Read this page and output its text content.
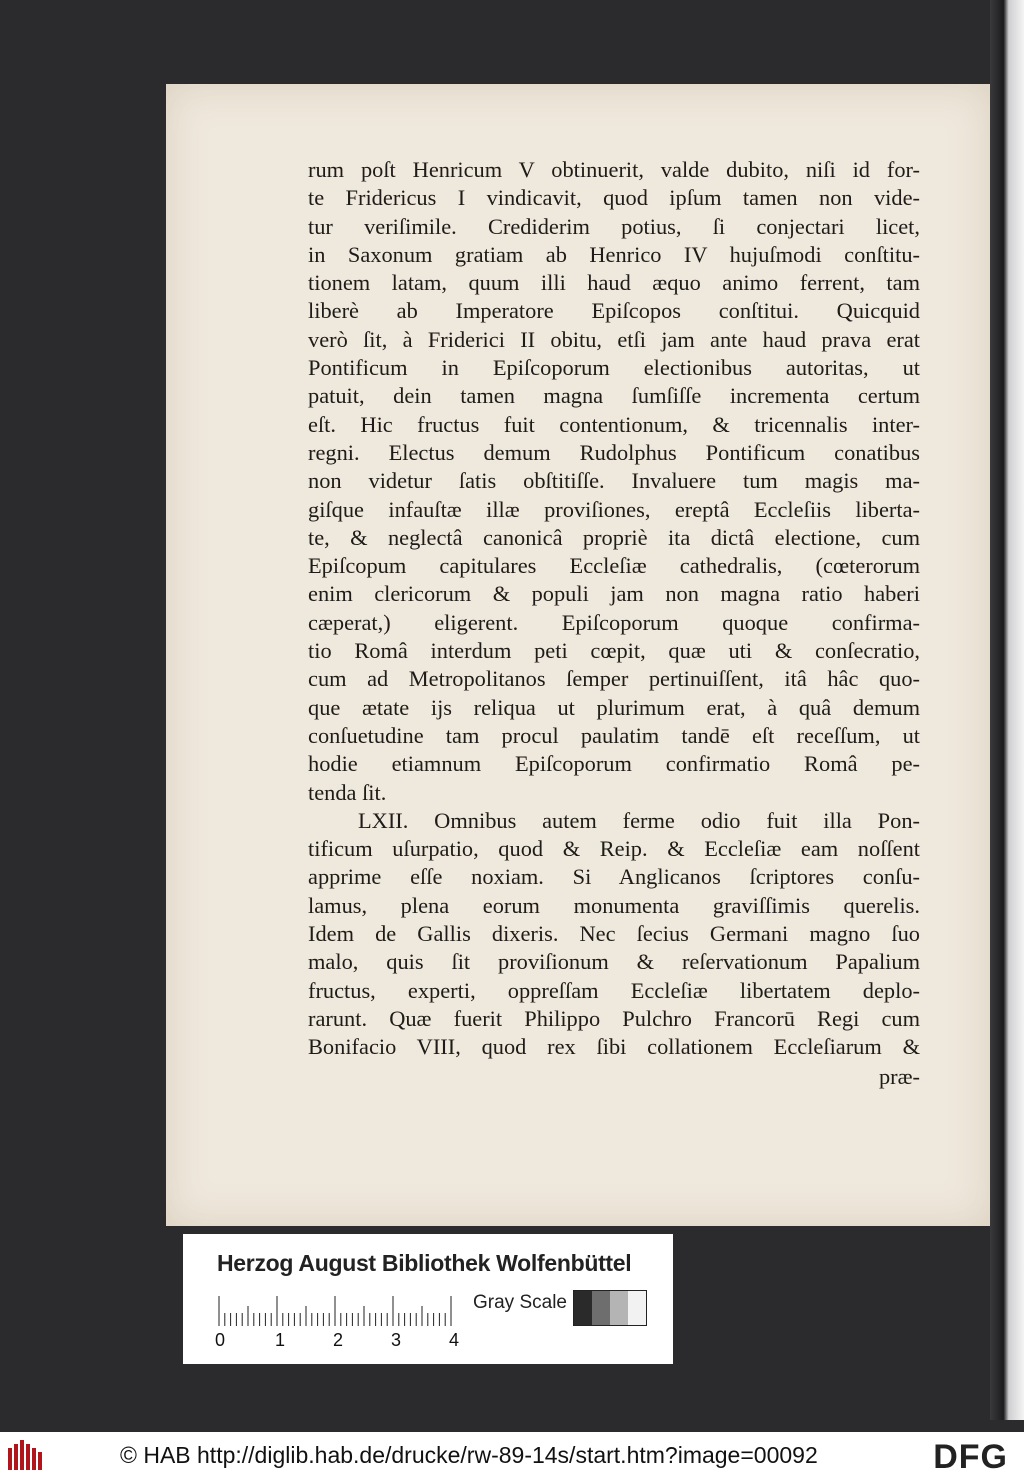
rum poſt Henricum V obtinuerit, valde dubito, niſi id for-
te Fridericus I vindicavit, quod ipſum tamen non vide-
tur veriſimile. Crediderim potius, ſi conjectari licet,
in Saxonum gratiam ab Henrico IV hujuſmodi conſtitu-
tionem latam, quum illi haud æquo animo ferrent, tam
liberè ab Imperatore Epiſcopos conſtitui. Quicquid
verò ſit, à Friderici II obitu, etſi jam ante haud prava erat
Pontificum in Epiſcoporum electionibus autoritas, ut
patuit, dein tamen magna ſumſiſſe incrementa certum
eſt. Hic fructus fuit contentionum, & tricennalis inter-
regni. Electus demum Rudolphus Pontificum conatibus
non videtur ſatis obſtitiſſe. Invaluere tum magis ma-
giſque infauſtæ illæ proviſiones, ereptâ Eccleſiis liberta-
te, & neglectâ canonicâ propriè ita dictâ electione, cum
Epiſcopum capitulares Eccleſiæ cathedralis, (cœterorum
enim clericorum & populi jam non magna ratio haberi
cæperat,) eligerent. Epiſcoporum quoque confirma-
tio Româ interdum peti cœpit, quæ uti & conſecratio,
cum ad Metropolitanos ſemper pertinuiſſent, itâ hâc quo-
que ætate ijs reliqua ut plurimum erat, à quâ demum
conſuetudine tam procul paulatim tandē eſt receſſum, ut
hodie etiamnum Epiſcoporum confirmatio Româ pe-
tenda ſit.
LXII. Omnibus autem ferme odio fuit illa Pon-
tificum uſurpatio, quod & Reip. & Eccleſiæ eam noſſent
apprime eſſe noxiam. Si Anglicanos ſcriptores conſu-
lamus, plena eorum monumenta graviſſimis querelis.
Idem de Gallis dixeris. Nec ſecius Germani magno ſuo
malo, quis ſit proviſionum & reſervationum Papalium
fructus, experti, oppreſſam Eccleſiæ libertatem deplo-
rarunt. Quæ fuerit Philippo Pulchro Francorū Regi cum
Bonifacio VIII, quod rex ſibi collationem Eccleſiarum &
præ-
Herzog August Bibliothek Wolfenbüttel
0	1	2	3	4
Gray Scale
© HAB http://diglib.hab.de/drucke/rw-89-14s/start.htm?image=00092	DFG
